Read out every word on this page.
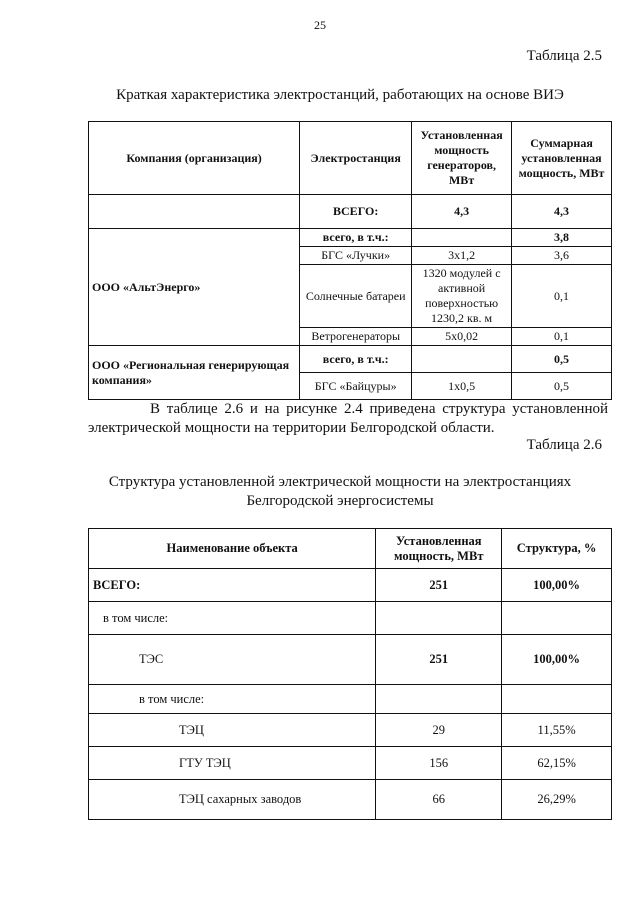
25
Таблица 2.5
Краткая характеристика электростанций, работающих на основе ВИЭ
Компания (организация)	Электростанция	Установленная мощность генераторов, МВт	Суммарная установленная мощность, МВт
	ВСЕГО:	4,3	4,3
ООО «АльтЭнерго»	всего, в т.ч.:		3,8
	БГС «Лучки»	3х1,2	3,6
	Солнечные батареи	1320 модулей с активной поверхностью 1230,2 кв. м	0,1
	Ветрогенераторы	5х0,02	0,1
ООО «Региональная генерирующая компания»	всего, в т.ч.:		0,5
	БГС «Байцуры»	1х0,5	0,5
В таблице 2.6 и на рисунке 2.4 приведена структура установленной
электрической мощности на территории Белгородской области.
Таблица 2.6
Структура установленной электрической мощности на электростанциях
Белгородской энергосистемы
Наименование объекта	Установленная мощность, МВт	Структура, %
ВСЕГО:	251	100,00%
в том числе:		
ТЭС	251	100,00%
в том числе:		
ТЭЦ	29	11,55%
ГТУ ТЭЦ	156	62,15%
ТЭЦ сахарных заводов	66	26,29%
